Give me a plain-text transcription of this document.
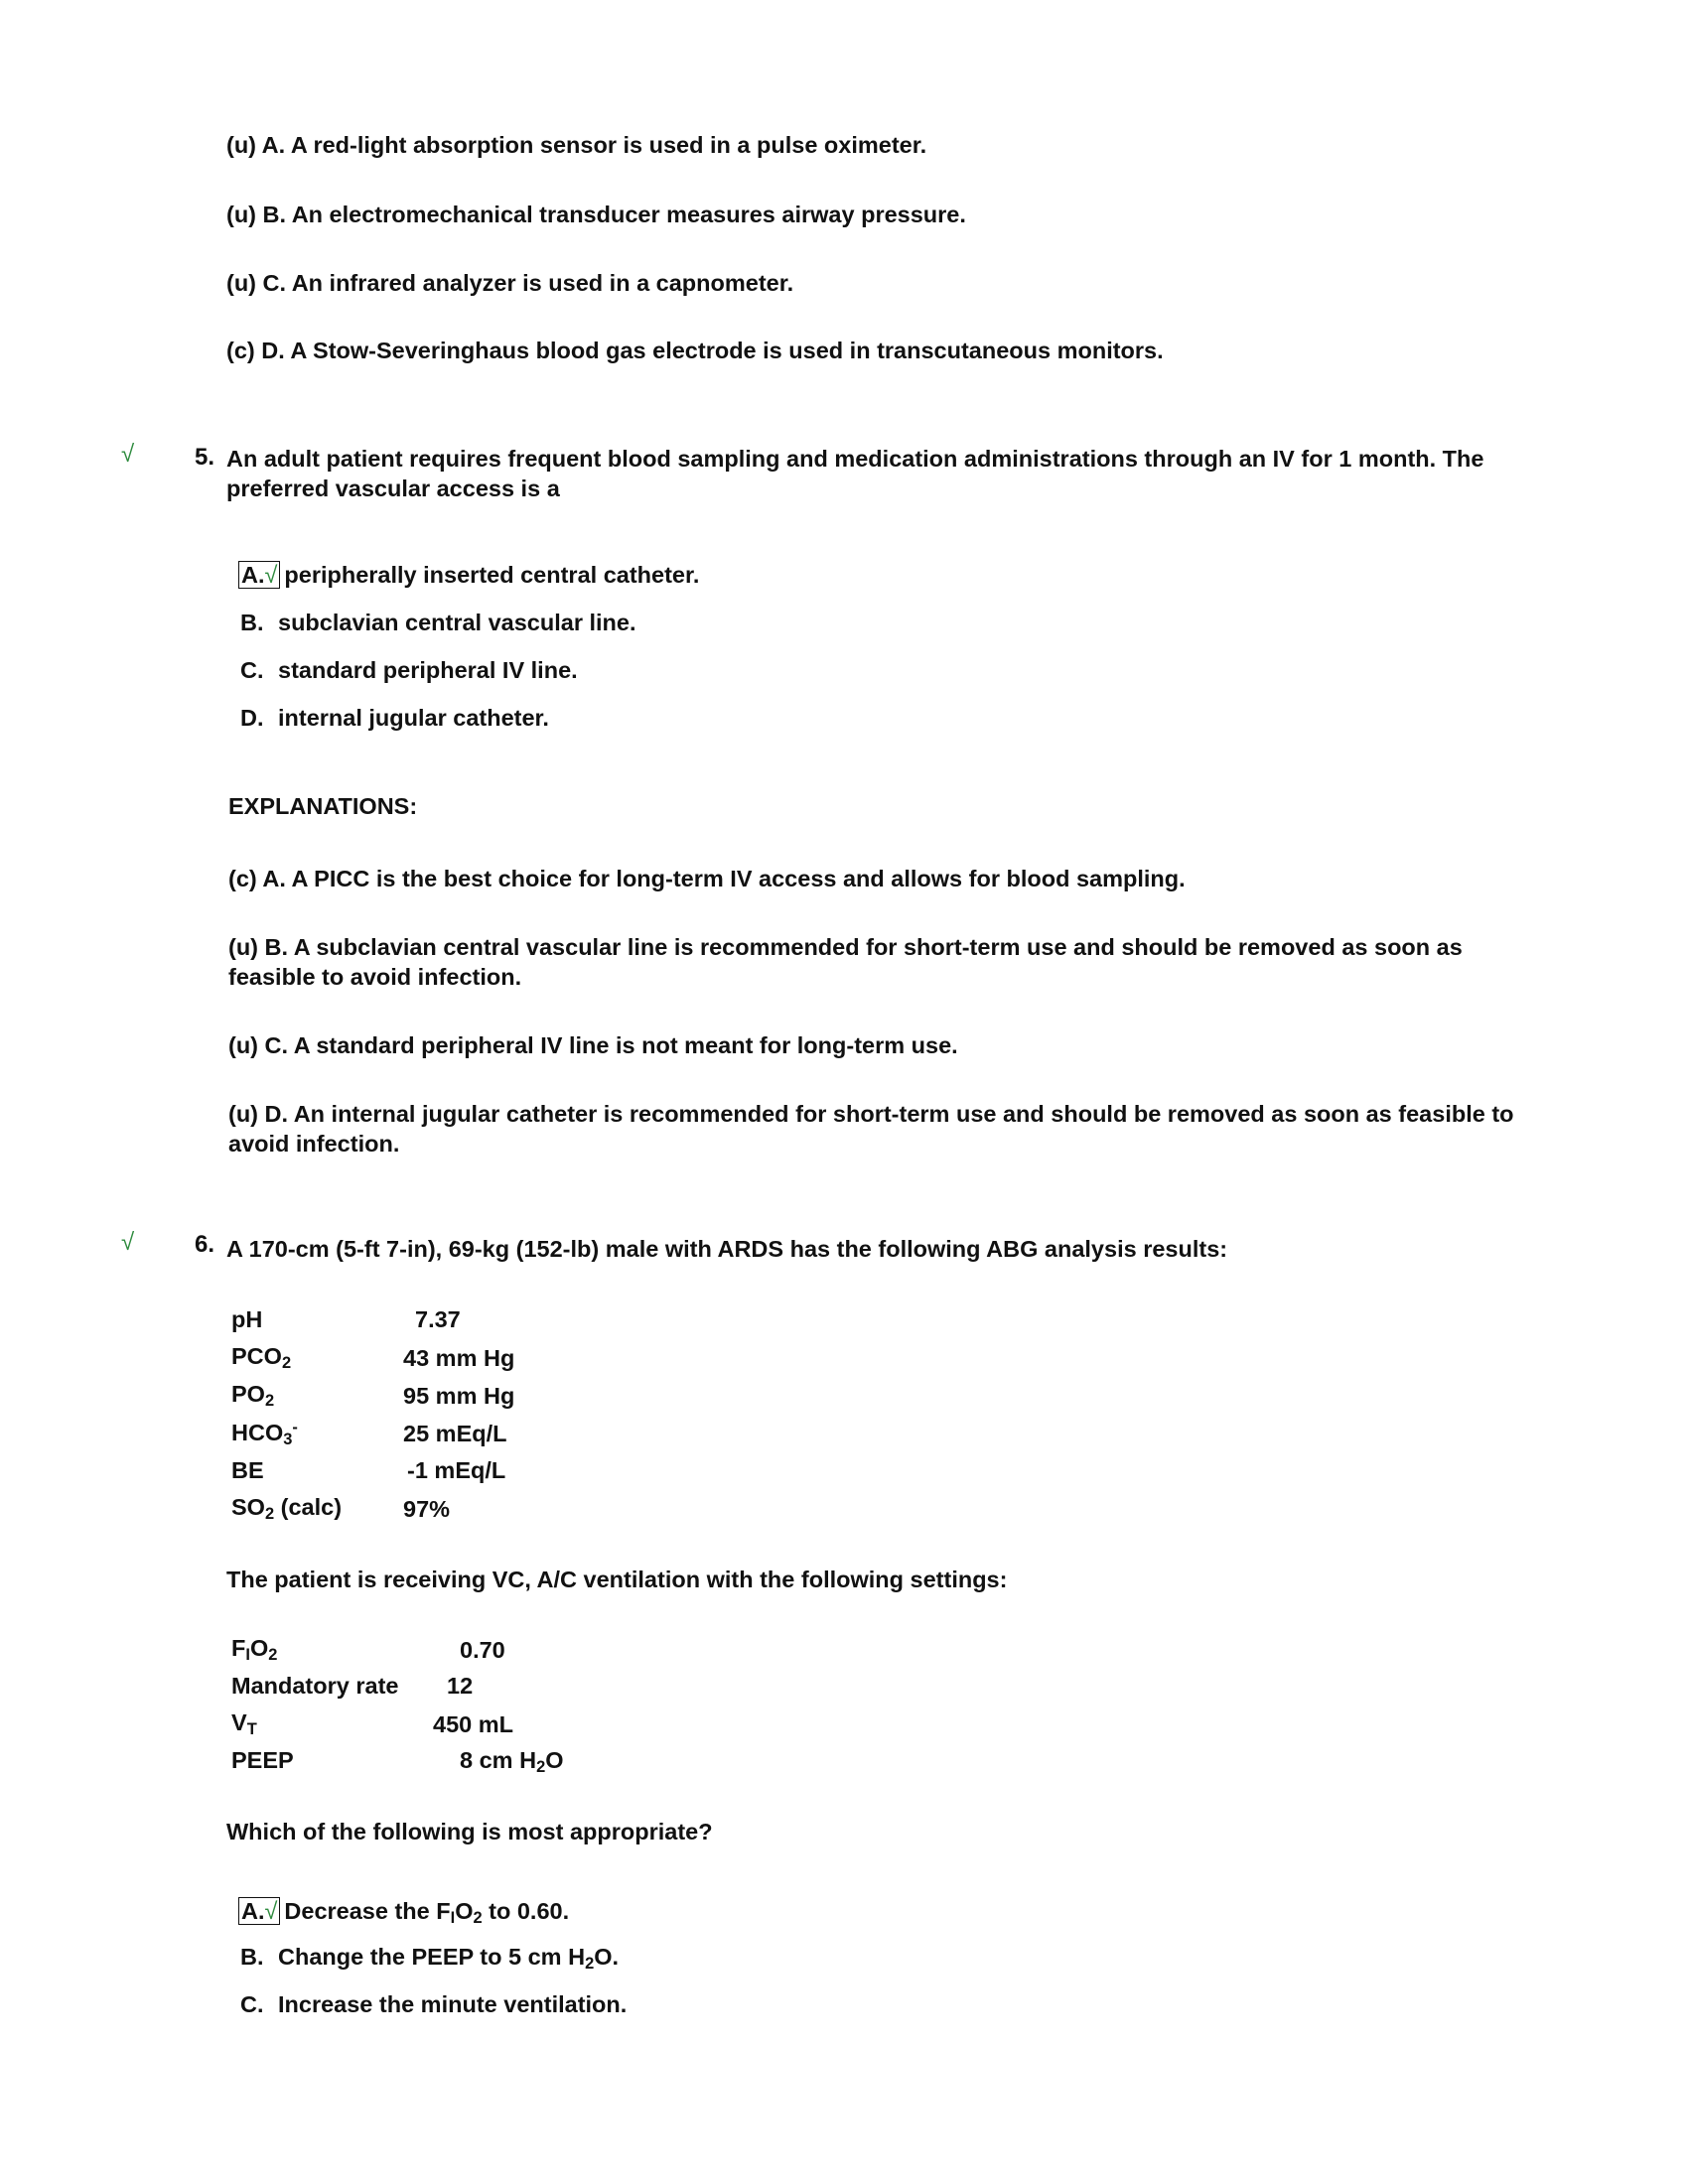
(u) A. A red-light absorption sensor is used in a pulse oximeter.
(u) B. An electromechanical transducer measures airway pressure.
(u) C. An infrared analyzer is used in a capnometer.
(c) D. A Stow-Severinghaus blood gas electrode is used in transcutaneous monitors.
√	5. An adult patient requires frequent blood sampling and medication administrations through an IV for 1 month. The preferred vascular access is a
A.√ peripherally inserted central catheter.
B. subclavian central vascular line.
C. standard peripheral IV line.
D. internal jugular catheter.
EXPLANATIONS:
(c) A. A PICC is the best choice for long-term IV access and allows for blood sampling.
(u) B. A subclavian central vascular line is recommended for short-term use and should be removed as soon as feasible to avoid infection.
(u) C. A standard peripheral IV line is not meant for long-term use.
(u) D. An internal jugular catheter is recommended for short-term use and should be removed as soon as feasible to avoid infection.
√	6. A 170-cm (5-ft 7-in), 69-kg (152-lb) male with ARDS has the following ABG analysis results:
pH	7.37
$PCO_2$	43 mm Hg
$PO_2$	95 mm Hg
$HCO_3^-$	25 mEq/L
BE	-1 mEq/L
$SO_2$ (calc)	97%
The patient is receiving VC, A/C ventilation with the following settings:
$F_IO_2$	0.70
Mandatory rate 12
$V_T$	450 mL
PEEP	8 cm $H_2O$
Which of the following is most appropriate?
A.√ Decrease the $F_IO_2$ to 0.60.
B. Change the PEEP to 5 cm $H_2O$.
C. Increase the minute ventilation.
